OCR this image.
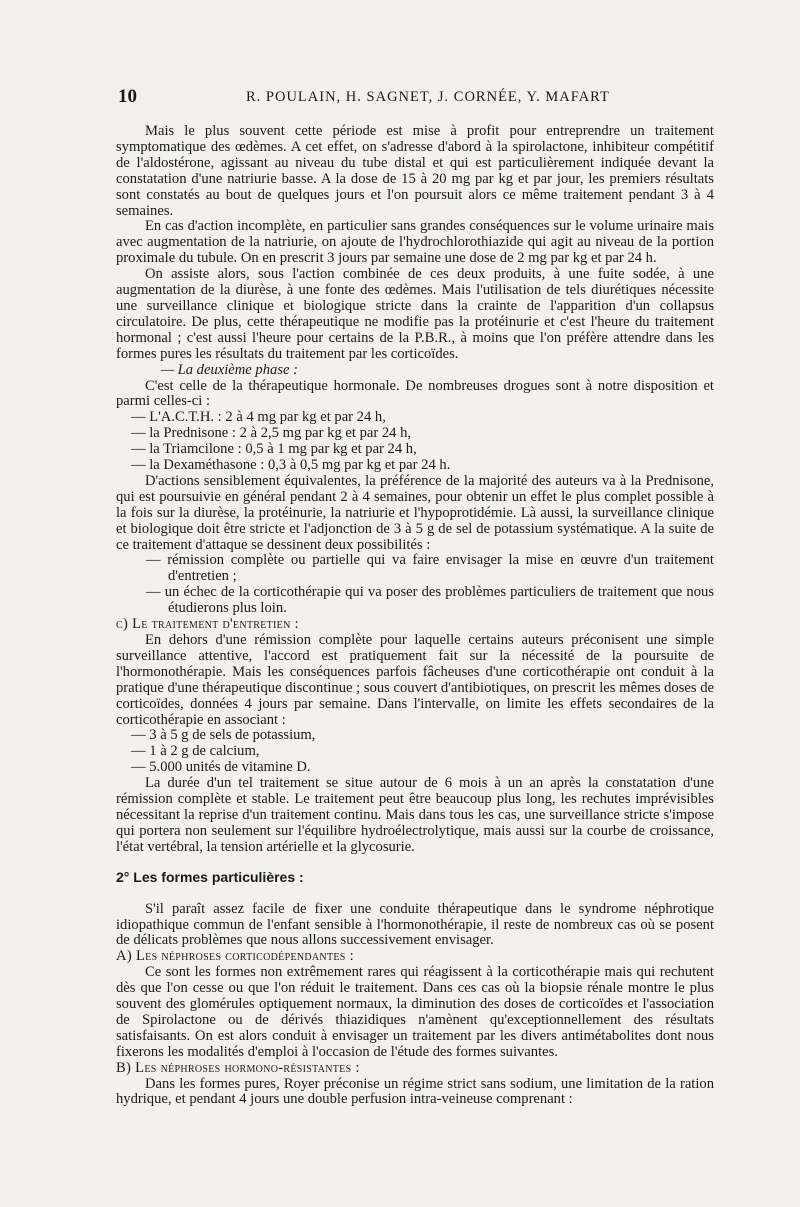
10	R. POULAIN, H. SAGNET, J. CORNÉE, Y. MAFART

Mais le plus souvent cette période est mise à profit pour entreprendre un traitement symptomatique des œdèmes. A cet effet, on s'adresse d'abord à la spirolactone, inhibiteur compétitif de l'aldostérone, agissant au niveau du tube distal et qui est particulièrement indiquée devant la constatation d'une natriurie basse. A la dose de 15 à 20 mg par kg et par jour, les premiers résultats sont constatés au bout de quelques jours et l'on poursuit alors ce même traitement pendant 3 à 4 semaines.

En cas d'action incomplète, en particulier sans grandes conséquences sur le volume urinaire mais avec augmentation de la natriurie, on ajoute de l'hydrochlorothiazide qui agit au niveau de la portion proximale du tubule. On en prescrit 3 jours par semaine une dose de 2 mg par kg et par 24 h.

On assiste alors, sous l'action combinée de ces deux produits, à une fuite sodée, à une augmentation de la diurèse, à une fonte des œdèmes. Mais l'utilisation de tels diurétiques nécessite une surveillance clinique et biologique stricte dans la crainte de l'apparition d'un collapsus circulatoire. De plus, cette thérapeutique ne modifie pas la protéinurie et c'est l'heure du traitement hormonal ; c'est aussi l'heure pour certains de la P.B.R., à moins que l'on préfère attendre dans les formes pures les résultats du traitement par les corticoïdes.

— La deuxième phase :

C'est celle de la thérapeutique hormonale. De nombreuses drogues sont à notre disposition et parmi celles-ci :

— L'A.C.T.H. : 2 à 4 mg par kg et par 24 h,
— la Prednisone : 2 à 2,5 mg par kg et par 24 h,
— la Triamcilone : 0,5 à 1 mg par kg et par 24 h,
— la Dexaméthasone : 0,3 à 0,5 mg par kg et par 24 h.

D'actions sensiblement équivalentes, la préférence de la majorité des auteurs va à la Prednisone, qui est poursuivie en général pendant 2 à 4 semaines, pour obtenir un effet le plus complet possible à la fois sur la diurèse, la protéinurie, la natriurie et l'hypoprotidémie. Là aussi, la surveillance clinique et biologique doit être stricte et l'adjonction de 3 à 5 g de sel de potassium systématique. A la suite de ce traitement d'attaque se dessinent deux possibilités :

— rémission complète ou partielle qui va faire envisager la mise en œuvre d'un traitement d'entretien ;
— un échec de la corticothérapie qui va poser des problèmes particuliers de traitement que nous étudierons plus loin.

c) Le traitement d'entretien :

En dehors d'une rémission complète pour laquelle certains auteurs préconisent une simple surveillance attentive, l'accord est pratiquement fait sur la nécessité de la poursuite de l'hormonothérapie. Mais les conséquences parfois fâcheuses d'une corticothérapie ont conduit à la pratique d'une thérapeutique discontinue ; sous couvert d'antibiotiques, on prescrit les mêmes doses de corticoïdes, données 4 jours par semaine. Dans l'intervalle, on limite les effets secondaires de la corticothérapie en associant :

— 3 à 5 g de sels de potassium,
— 1 à 2 g de calcium,
— 5.000 unités de vitamine D.

La durée d'un tel traitement se situe autour de 6 mois à un an après la constatation d'une rémission complète et stable. Le traitement peut être beaucoup plus long, les rechutes imprévisibles nécessitant la reprise d'un traitement continu. Mais dans tous les cas, une surveillance stricte s'impose qui portera non seulement sur l'équilibre hydroélectrolytique, mais aussi sur la courbe de croissance, l'état vertébral, la tension artérielle et la glycosurie.

2° Les formes particulières :

S'il paraît assez facile de fixer une conduite thérapeutique dans le syndrome néphrotique idiopathique commun de l'enfant sensible à l'hormonothérapie, il reste de nombreux cas où se posent de délicats problèmes que nous allons successivement envisager.

A) Les néphroses corticodépendantes :

Ce sont les formes non extrêmement rares qui réagissent à la corticothérapie mais qui rechutent dès que l'on cesse ou que l'on réduit le traitement. Dans ces cas où la biopsie rénale montre le plus souvent des glomérules optiquement normaux, la diminution des doses de corticoïdes et l'association de Spirolactone ou de dérivés thiazidiques n'amènent qu'exceptionnellement des résultats satisfaisants. On est alors conduit à envisager un traitement par les divers antimétabolites dont nous fixerons les modalités d'emploi à l'occasion de l'étude des formes suivantes.

B) Les néphroses hormono-résistantes :

Dans les formes pures, Royer préconise un régime strict sans sodium, une limitation de la ration hydrique, et pendant 4 jours une double perfusion intra-veineuse comprenant :
